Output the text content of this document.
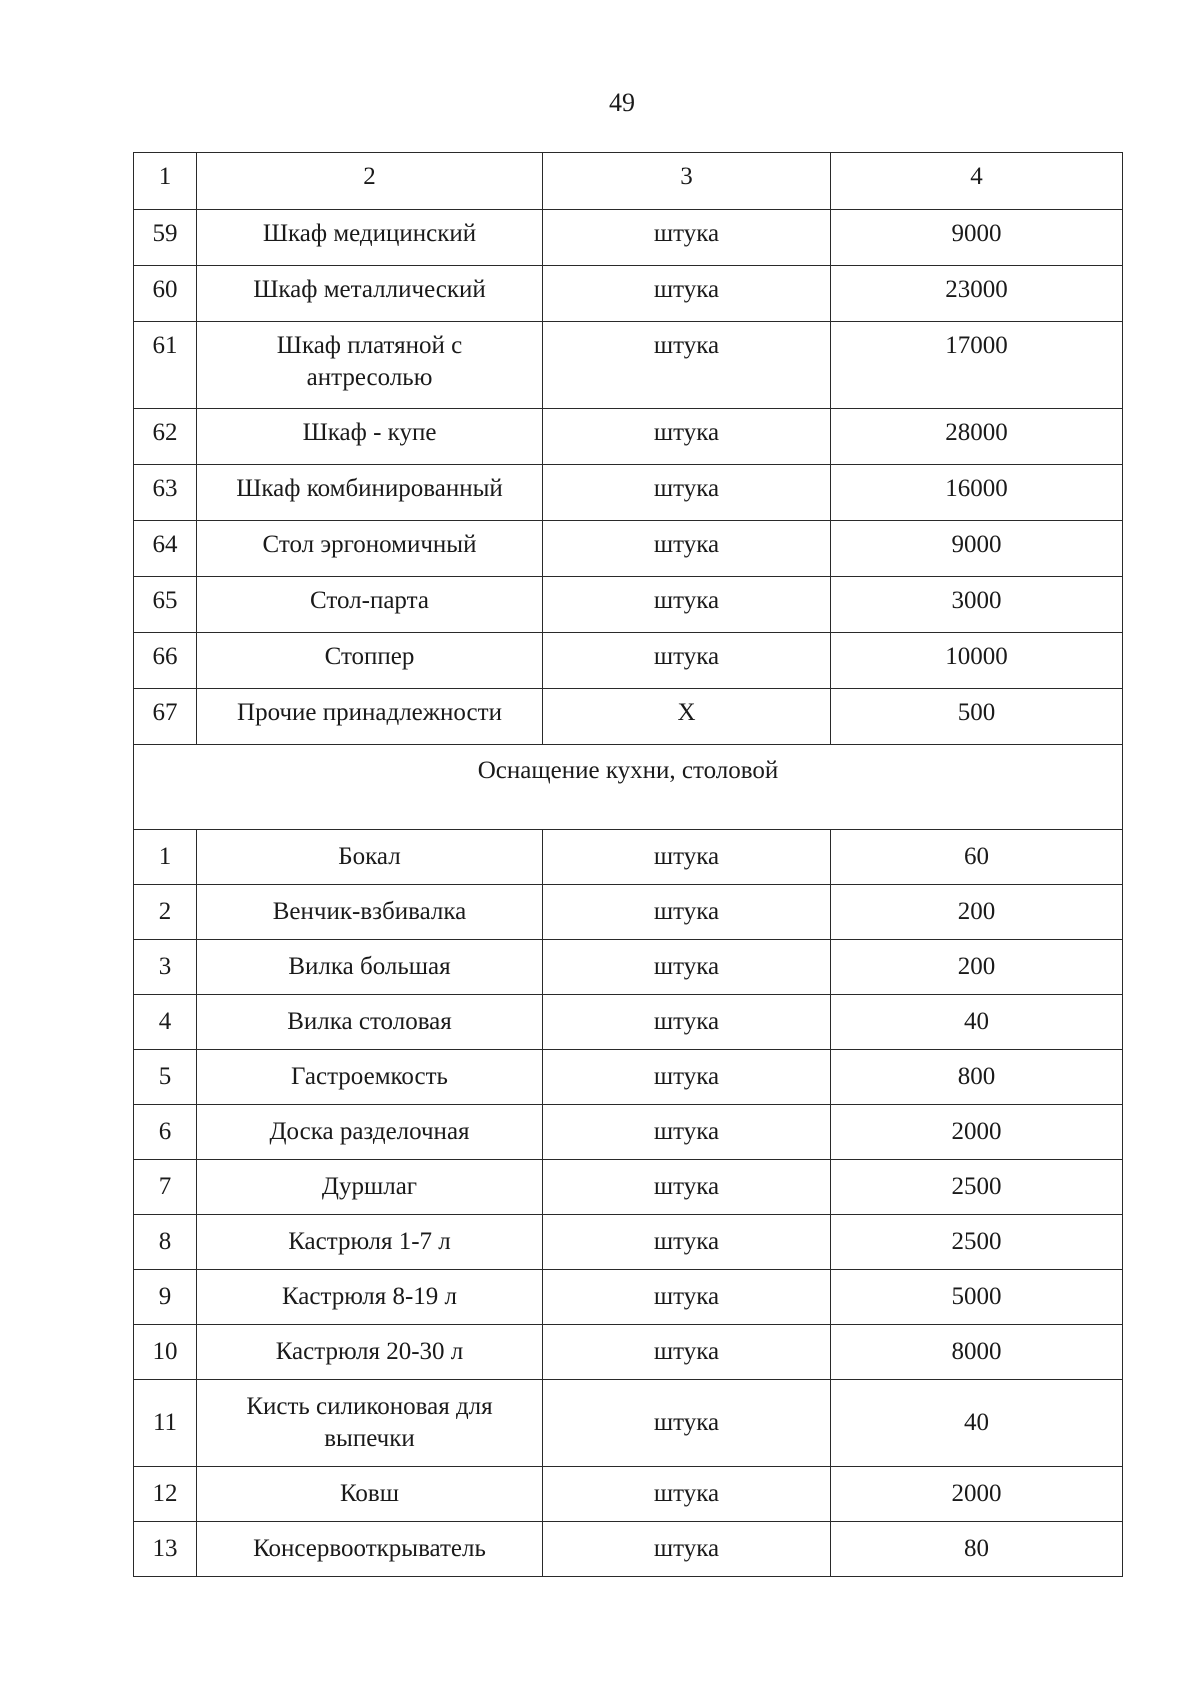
49
1	2	3	4
59	Шкаф медицинский	штука	9000
60	Шкаф металлический	штука	23000
61	Шкаф платяной с антресолью	штука	17000
62	Шкаф - купе	штука	28000
63	Шкаф комбинированный	штука	16000
64	Стол эргономичный	штука	9000
65	Стол-парта	штука	3000
66	Стоппер	штука	10000
67	Прочие принадлежности	Х	500
Оснащение кухни, столовой			
1	Бокал	штука	60
2	Венчик-взбивалка	штука	200
3	Вилка большая	штука	200
4	Вилка столовая	штука	40
5	Гастроемкость	штука	800
6	Доска разделочная	штука	2000
7	Дуршлаг	штука	2500
8	Кастрюля 1-7 л	штука	2500
9	Кастрюля 8-19 л	штука	5000
10	Кастрюля 20-30 л	штука	8000
11	Кисть силиконовая для выпечки	штука	40
12	Ковш	штука	2000
13	Консервооткрыватель	штука	80
